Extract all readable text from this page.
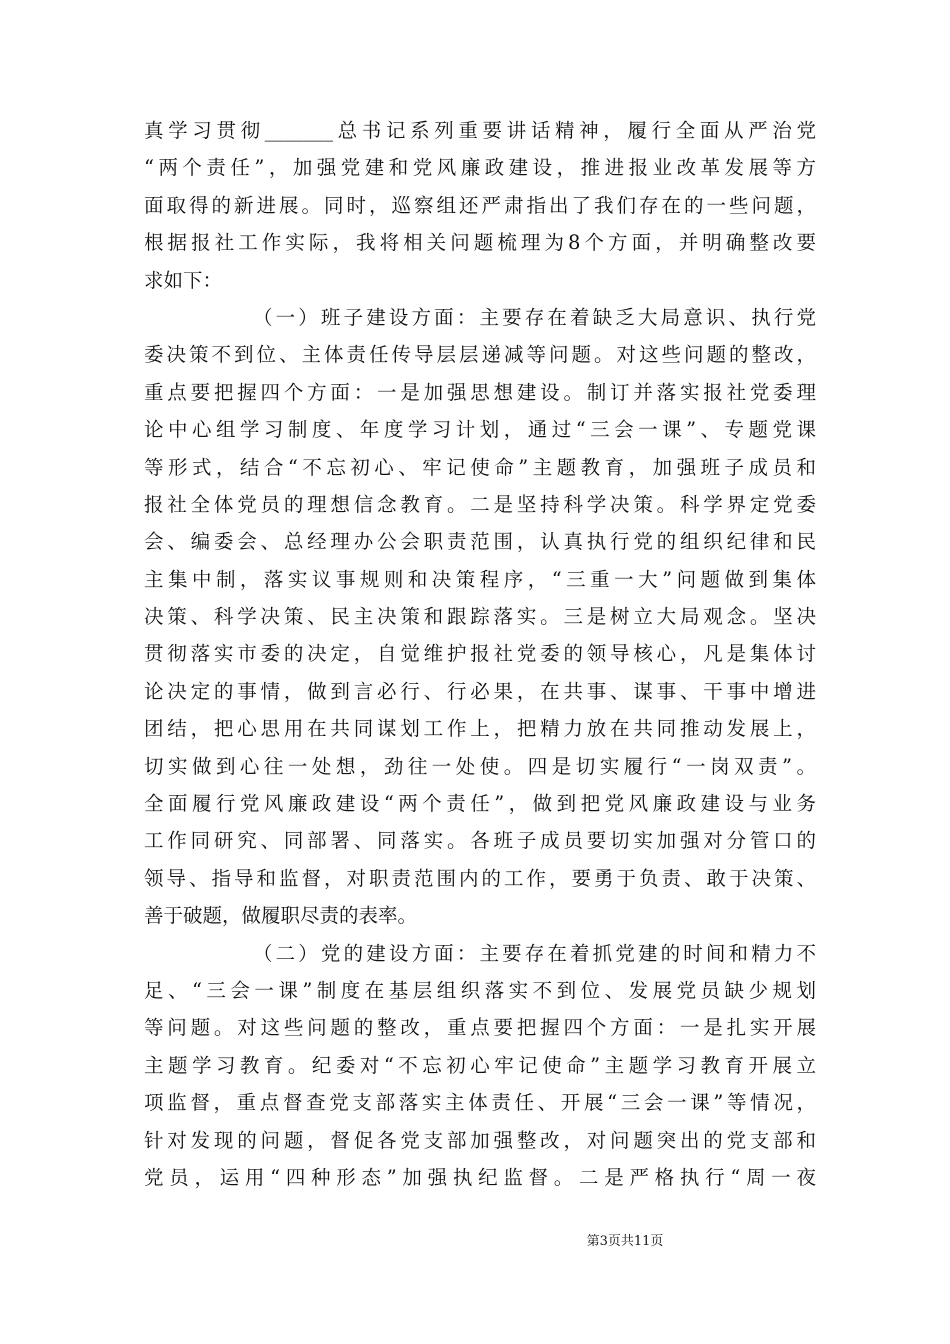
真学习贯彻_______总书记系列重要讲话精神，履行全面从严治党
“两个责任”，加强党建和党风廉政建设，推进报业改革发展等方
面取得的新进展。同时，巡察组还严肃指出了我们存在的一些问题，
根据报社工作实际，我将相关问题梳理为8个方面，并明确整改要
求如下：
（一）班子建设方面：主要存在着缺乏大局意识、执行党
委决策不到位、主体责任传导层层递减等问题。对这些问题的整改，
重点要把握四个方面：一是加强思想建设。制订并落实报社党委理
论中心组学习制度、年度学习计划，通过“三会一课”、专题党课
等形式，结合“不忘初心、牢记使命”主题教育，加强班子成员和
报社全体党员的理想信念教育。二是坚持科学决策。科学界定党委
会、编委会、总经理办公会职责范围，认真执行党的组织纪律和民
主集中制，落实议事规则和决策程序，“三重一大”问题做到集体
决策、科学决策、民主决策和跟踪落实。三是树立大局观念。坚决
贯彻落实市委的决定，自觉维护报社党委的领导核心，凡是集体讨
论决定的事情，做到言必行、行必果，在共事、谋事、干事中增进
团结，把心思用在共同谋划工作上，把精力放在共同推动发展上，
切实做到心往一处想，劲往一处使。四是切实履行“一岗双责”。
全面履行党风廉政建设“两个责任”，做到把党风廉政建设与业务
工作同研究、同部署、同落实。各班子成员要切实加强对分管口的
领导、指导和监督，对职责范围内的工作，要勇于负责、敢于决策、
善于破题，做履职尽责的表率。
（二）党的建设方面：主要存在着抓党建的时间和精力不
足、“三会一课”制度在基层组织落实不到位、发展党员缺少规划
等问题。对这些问题的整改，重点要把握四个方面：一是扎实开展
主题学习教育。纪委对“不忘初心牢记使命”主题学习教育开展立
项监督，重点督查党支部落实主体责任、开展“三会一课”等情况，
针对发现的问题，督促各党支部加强整改，对问题突出的党支部和
党员，运用“四种形态”加强执纪监督。二是严格执行“周一夜
第3页共11页
